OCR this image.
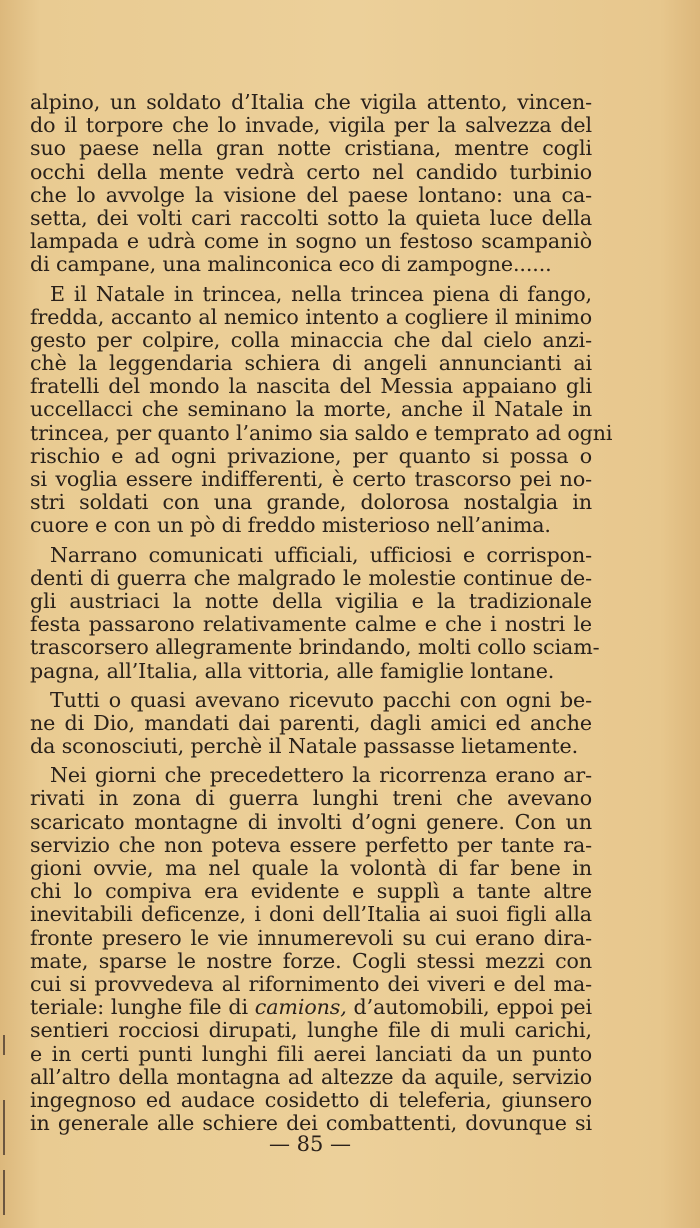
alpino, un soldato d’Italia che vigila attento, vincen-
do il torpore che lo invade, vigila per la salvezza del
suo paese nella gran notte cristiana, mentre cogli
occhi della mente vedrà certo nel candido turbinio
che lo avvolge la visione del paese lontano: una ca-
setta, dei volti cari raccolti sotto la quieta luce della
lampada e udrà come in sogno un festoso scampaniò
di campane, una malinconica eco di zampogne......
E il Natale in trincea, nella trincea piena di fango,
fredda, accanto al nemico intento a cogliere il minimo
gesto per colpire, colla minaccia che dal cielo anzi-
chè la leggendaria schiera di angeli annuncianti ai
fratelli del mondo la nascita del Messia appaiano gli
uccellacci che seminano la morte, anche il Natale in
trincea, per quanto l’animo sia saldo e temprato ad ogni
rischio e ad ogni privazione, per quanto si possa o
si voglia essere indifferenti, è certo trascorso pei no-
stri soldati con una grande, dolorosa nostalgia in
cuore e con un pò di freddo misterioso nell’anima.
Narrano comunicati ufficiali, ufficiosi e corrispon-
denti di guerra che malgrado le molestie continue de-
gli austriaci la notte della vigilia e la tradizionale
festa passarono relativamente calme e che i nostri le
trascorsero allegramente brindando, molti collo sciam-
pagna, all’Italia, alla vittoria, alle famiglie lontane.
Tutti o quasi avevano ricevuto pacchi con ogni be-
ne di Dio, mandati dai parenti, dagli amici ed anche
da sconosciuti, perchè il Natale passasse lietamente.
Nei giorni che precedettero la ricorrenza erano ar-
rivati in zona di guerra lunghi treni che avevano
scaricato montagne di involti d’ogni genere. Con un
servizio che non poteva essere perfetto per tante ra-
gioni ovvie, ma nel quale la volontà di far bene in
chi lo compiva era evidente e supplì a tante altre
inevitabili deficenze, i doni dell’Italia ai suoi figli alla
fronte presero le vie innumerevoli su cui erano dira-
mate, sparse le nostre forze. Cogli stessi mezzi con
cui si provvedeva al rifornimento dei viveri e del ma-
teriale: lunghe file di camions, d’automobili, eppoi pei
sentieri rocciosi dirupati, lunghe file di muli carichi,
e in certi punti lunghi fili aerei lanciati da un punto
all’altro della montagna ad altezze da aquile, servizio
ingegnoso ed audace cosidetto di teleferia, giunsero
in generale alle schiere dei combattenti, dovunque si
— 85 —
